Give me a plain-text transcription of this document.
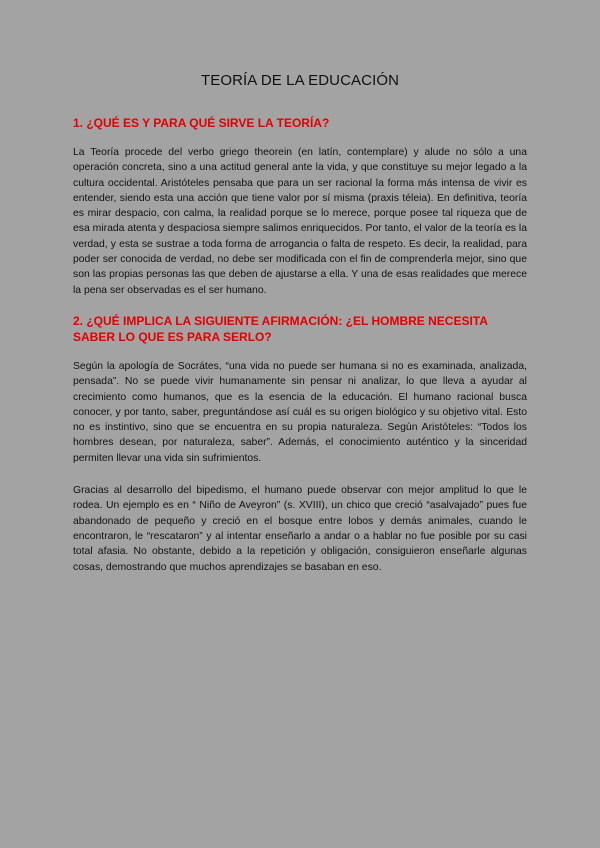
TEORÍA DE LA EDUCACIÓN
1. ¿QUÉ ES Y PARA QUÉ SIRVE LA TEORÍA?

La Teoría procede del verbo griego theorein (en latín, contemplare) y alude no sólo a una operación concreta, sino a una actitud general ante la vida, y que constituye su mejor legado a la cultura occidental. Aristóteles pensaba que para un ser racional la forma más intensa de vivir es entender, siendo esta una acción que tiene valor por sí misma (praxis téleia). En definitiva, teoría es mirar despacio, con calma, la realidad porque se lo merece, porque posee tal riqueza que de esa mirada atenta y despaciosa siempre salimos enriquecidos. Por tanto, el valor de la teoría es la verdad, y esta se sustrae a toda forma de arrogancia o falta de respeto. Es decir, la realidad, para poder ser conocida de verdad, no debe ser modificada con el fin de comprenderla mejor, sino que son las propias personas las que deben de ajustarse a ella. Y una de esas realidades que merece la pena ser observadas es el ser humano.

2. ¿QUÉ IMPLICA LA SIGUIENTE AFIRMACIÓN: ¿EL HOMBRE NECESITA SABER LO QUE ES PARA SERLO?

Según la apología de Socrátes, “una vida no puede ser humana si no es examinada, analizada, pensada”. No se puede vivir humanamente sin pensar ni analizar, lo que lleva a ayudar al crecimiento como humanos, que es la esencia de la educación. El humano racional busca conocer, y por tanto, saber, preguntándose así cuál es su origen biológico y su objetivo vital. Esto no es instintivo, sino que se encuentra en su propia naturaleza. Según Aristóteles: “Todos los hombres desean, por naturaleza, saber”. Además, el conocimiento auténtico y la sinceridad permiten llevar una vida sin sufrimientos.

Gracias al desarrollo del bipedismo, el humano puede observar con mejor amplitud lo que le rodea. Un ejemplo es en “ Niño de Aveyron” (s. XVIII), un chico que creció “asalvajado” pues fue abandonado de pequeño y creció en el bosque entre lobos y demás animales, cuando le encontraron, le “rescataron” y al intentar enseñarlo a andar o a hablar no fue posible por su casi total afasia. No obstante, debido a la repetición y obligación, consiguieron enseñarle algunas cosas, demostrando que muchos aprendizajes se basaban en eso.
